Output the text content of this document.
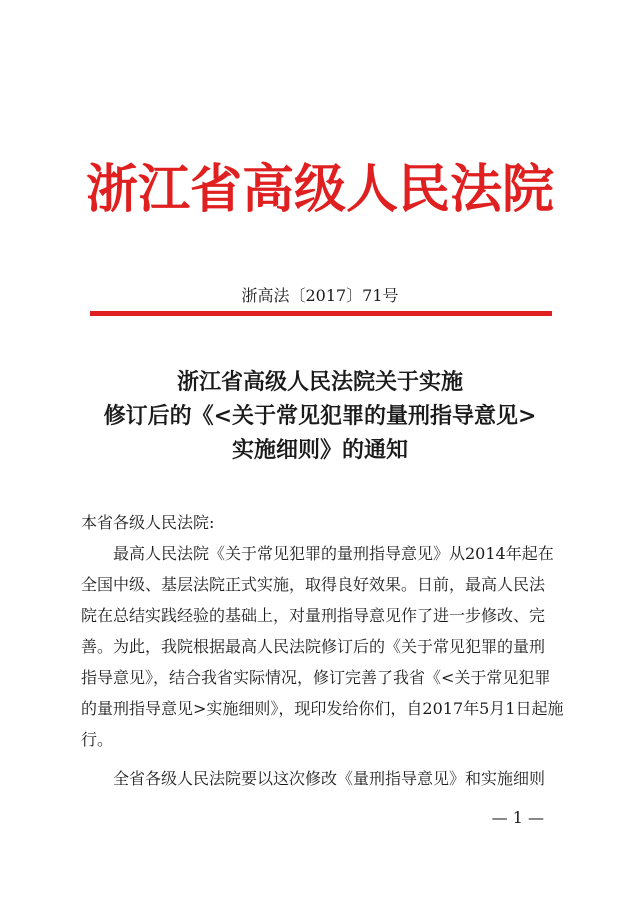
浙江省高级人民法院
浙高法〔2017〕71号
浙江省高级人民法院关于实施
修订后的《<关于常见犯罪的量刑指导意见>
实施细则》的通知
本省各级人民法院:
最高人民法院《关于常见犯罪的量刑指导意见》从2014年起在
全国中级、基层法院正式实施，取得良好效果。日前，最高人民法
院在总结实践经验的基础上，对量刑指导意见作了进一步修改、完
善。为此，我院根据最高人民法院修订后的《关于常见犯罪的量刑
指导意见》，结合我省实际情况，修订完善了我省《<关于常见犯罪
的量刑指导意见>实施细则》，现印发给你们，自2017年5月1日起施
行。
全省各级人民法院要以这次修改《量刑指导意见》和实施细则
— 1 —
